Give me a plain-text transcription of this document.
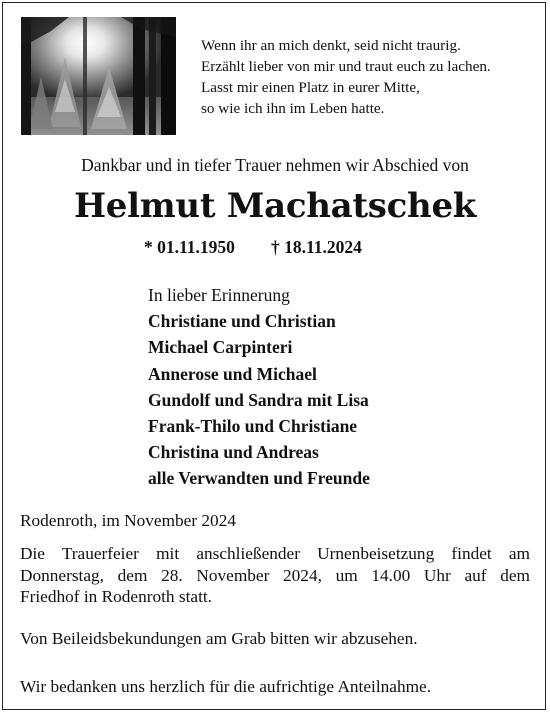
Wenn ihr an mich denkt, seid nicht traurig.
Erzählt lieber von mir und traut euch zu lachen.
Lasst mir einen Platz in eurer Mitte,
so wie ich ihn im Leben hatte.
Dankbar und in tiefer Trauer nehmen wir Abschied von
Helmut Machatschek
* 01.11.1950 † 18.11.2024
In lieber Erinnerung
Christiane und Christian
Michael Carpinteri
Annerose und Michael
Gundolf und Sandra mit Lisa
Frank-Thilo und Christiane
Christina und Andreas
alle Verwandten und Freunde
Rodenroth, im November 2024
Die Trauerfeier mit anschließender Urnenbeisetzung findet am
Donnerstag, dem 28. November 2024, um 14.00 Uhr auf dem
Friedhof in Rodenroth statt.
Von Beileidsbekundungen am Grab bitten wir abzusehen.
Wir bedanken uns herzlich für die aufrichtige Anteilnahme.
